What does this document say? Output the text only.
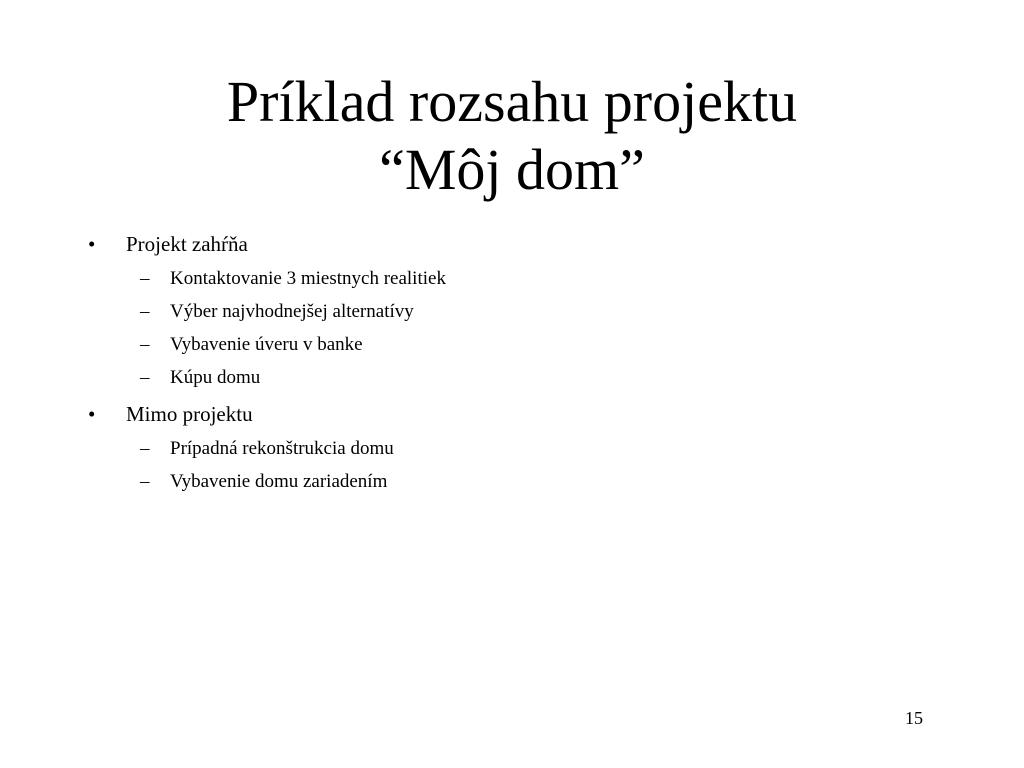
Príklad rozsahu projektu
“Môj dom”
•	Projekt zahŕňa
–	Kontaktovanie 3 miestnych realitiek
–	Výber najvhodnejšej alternatívy
–	Vybavenie úveru v banke
–	Kúpu domu
•	Mimo projektu
–	Prípadná rekonštrukcia domu
–	Vybavenie domu zariadením
15
